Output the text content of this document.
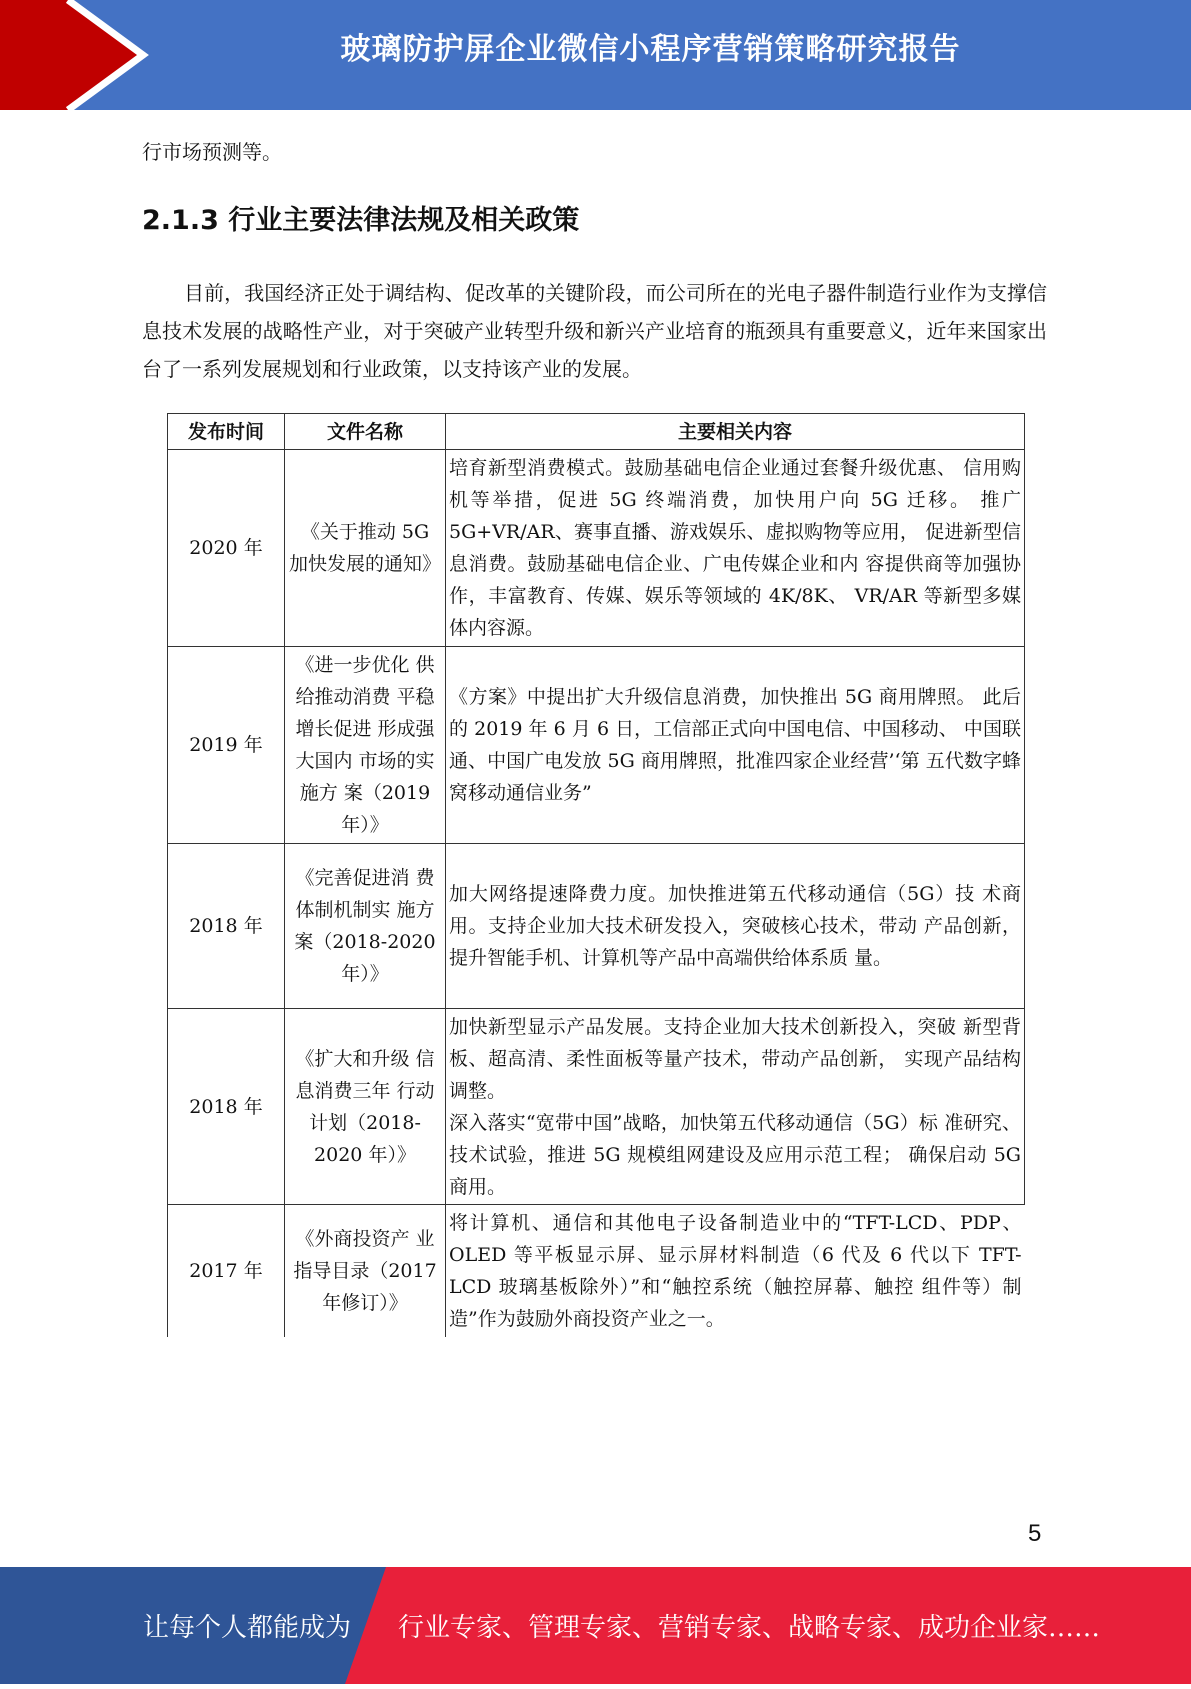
玻璃防护屏企业微信小程序营销策略研究报告

行市场预测等。

2.1.3 行业主要法律法规及相关政策

目前，我国经济正处于调结构、促改革的关键阶段，而公司所在的光电子器件制造行业作为支撑信息技术发展的战略性产业，对于突破产业转型升级和新兴产业培育的瓶颈具有重要意义，近年来国家出台了一系列发展规划和行业政策，以支持该产业的发展。

发布时间	文件名称	主要相关内容
2020 年	《关于推动 5G 加快发展的通知》	培育新型消费模式。鼓励基础电信企业通过套餐升级优惠、 信用购机等举措，促进 5G 终端消费，加快用户向 5G 迁移。 推广 5G+VR/AR、赛事直播、游戏娱乐、虚拟购物等应用， 促进新型信息消费。鼓励基础电信企业、广电传媒企业和内 容提供商等加强协作，丰富教育、传媒、娱乐等领域的 4K/8K、 VR/AR 等新型多媒体内容源。

2019 年	《进一步优化 供给推动消费 平稳增长促进 形成强大国内 市场的实施方 案（2019 年）》	《方案》中提出扩大升级信息消费，加快推出 5G 商用牌照。 此后的 2019 年 6 月 6 日，工信部正式向中国电信、中国移动、 中国联通、中国广电发放 5G 商用牌照，批准四家企业经营’‘第 五代数字蜂窝移动通信业务”

2018 年	《完善促进消 费体制机制实 施方案（2018-2020 年）》	加大网络提速降费力度。加快推进第五代移动通信（5G）技 术商用。支持企业加大技术研发投入，突破核心技术，带动 产品创新，提升智能手机、计算机等产品中高端供给体系质 量。

2018 年	《扩大和升级 信息消费三年 行动计划（2018-2020 年）》	加快新型显示产品发展。支持企业加大技术创新投入，突破 新型背板、超高清、柔性面板等量产技术，带动产品创新， 实现产品结构调整。
深入落实“宽带中国”战略，加快第五代移动通信（5G）标 准研究、技术试验，推进 5G 规模组网建设及应用示范工程； 确保启动 5G 商用。

2017 年	《外商投资产 业指导目录（2017 年修订）》	将计算机、通信和其他电子设备制造业中的“TFT-LCD、PDP、OLED 等平板显示屏、显示屏材料制造（6 代及 6 代以下 TFT-LCD 玻璃基板除外）”和“触控系统（触控屏幕、触控 组件等）制造”作为鼓励外商投资产业之一。
5
让每个人都能成为 行业专家、管理专家、营销专家、战略专家、成功企业家……
